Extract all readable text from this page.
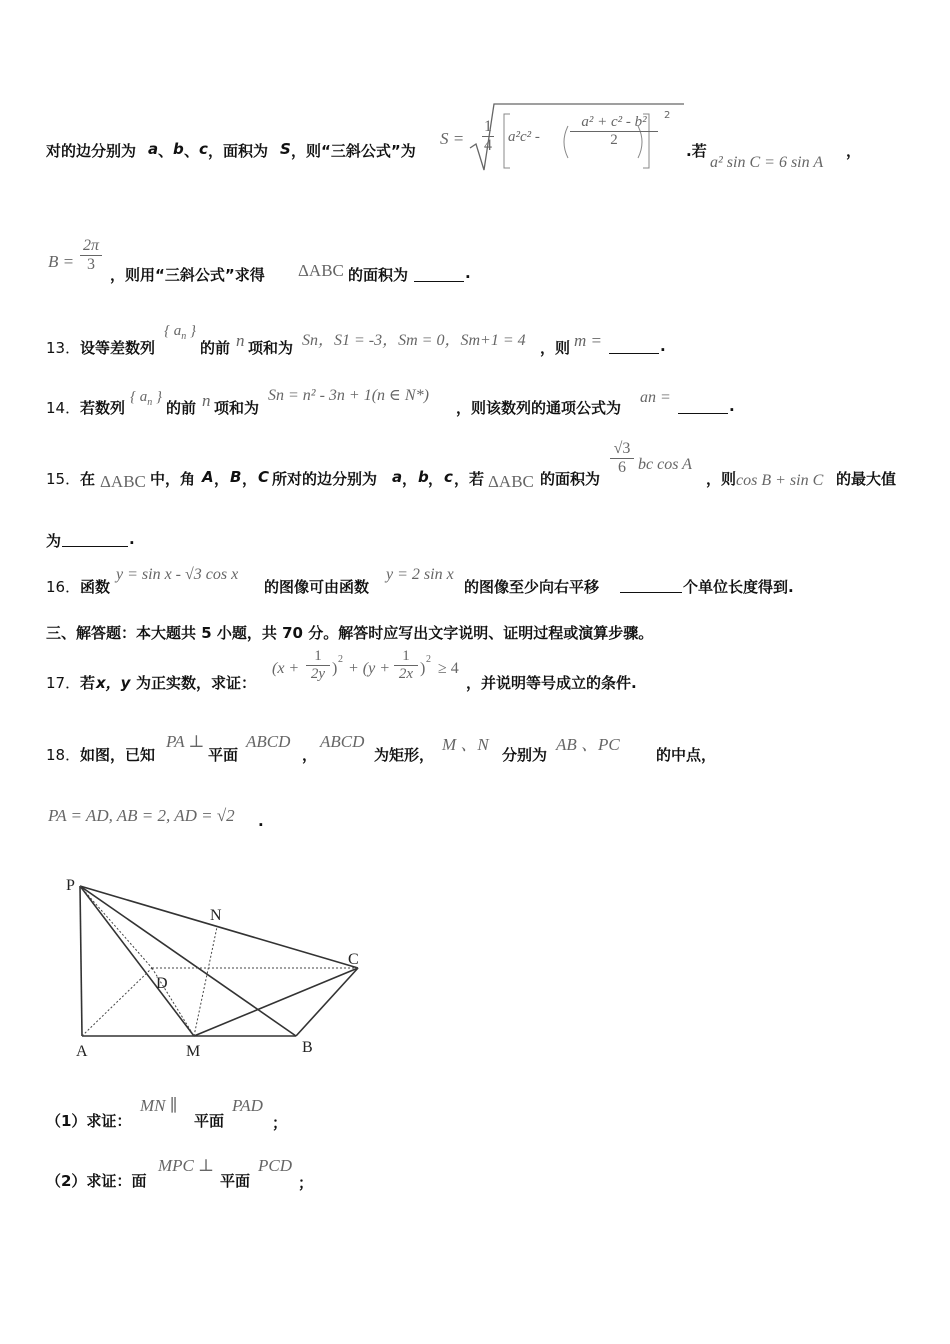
对的边分别为 a 、 b 、 c ，面积为 S ，则“三斜公式”为
S =
1
4 a²c² -
a² + c² - b²
2
2
.若
a² sin C = 6 sin A
，
B =
2π
3
，则用“三斜公式”求得 ΔABC 的面积为	.
13． 设等差数列
{ $a_n$ }
的前 n 项和为 Sn，S1 = -3，Sm = 0，Sm+1 = 4 ，则 m =	.
14． 若数列
{ $a_n$ }
的前 n 项和为
Sn = n² - 3n + 1(n ∈ N*)
，则该数列的通项公式为
an =	.
15． 在 ΔABC 中，角 A ， B ， C 所对的边分别为 a ， b ， c ，若 ΔABC 的面积为
√3
6 bc cos A
，则 cos B + sin C 的最大值
为	.
16． 函数
y = sin x - √3 cos x
的图像可由函数
y = 2 sin x
的图像至少向右平移	个单位长度得到.
三、解答题：本大题共 5 小题，共 70 分。解答时应写出文字说明、证明过程或演算步骤。
17． 若 x，y 为正实数，求证：	，并说明等号成立的条件.
(x +
1
2y )
2
+ (y +
1
2x )
2
≥ 4
18． 如图，已知
PA ⊥
平面
ABCD
，
ABCD
为矩形，
M 、N
分别为
AB 、PC
的中点，
PA = AD, AB = 2, AD = √2 .
P
N
C
D
A	M	B
（1）求证：
MN ∥
平面
PAD
；
（2）求证：面
MPC ⊥
平面
PCD
；
